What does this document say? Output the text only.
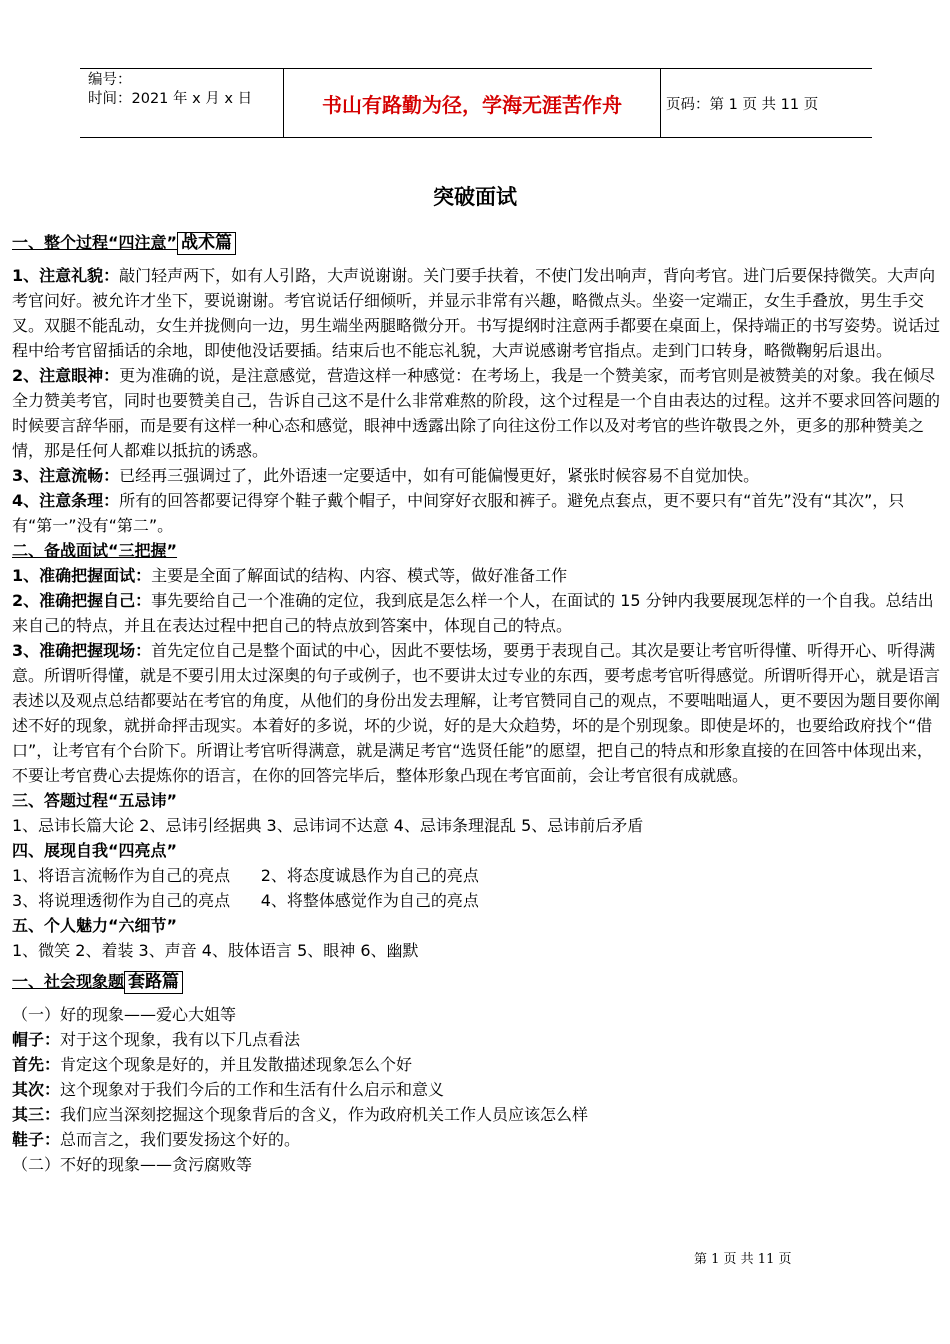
编号：
时间：2021 年 x 月 x 日	书山有路勤为径，学海无涯苦作舟	页码：第 1 页 共 11 页
突破面试

一、整个过程“四注意” 战术篇

1、注意礼貌：敲门轻声两下，如有人引路，大声说谢谢。关门要手扶着，不使门发出响声，背向考官。进门后要保持微笑。大声向考官问好。被允许才坐下，要说谢谢。考官说话仔细倾听，并显示非常有兴趣，略微点头。坐姿一定端正，女生手叠放，男生手交叉。双腿不能乱动，女生并拢侧向一边，男生端坐两腿略微分开。书写提纲时注意两手都要在桌面上，保持端正的书写姿势。说话过程中给考官留插话的余地，即使他没话要插。结束后也不能忘礼貌，大声说感谢考官指点。走到门口转身，略微鞠躬后退出。

2、注意眼神：更为准确的说，是注意感觉，营造这样一种感觉：在考场上，我是一个赞美家，而考官则是被赞美的对象。我在倾尽全力赞美考官，同时也要赞美自己，告诉自己这不是什么非常难熬的阶段，这个过程是一个自由表达的过程。这并不要求回答问题的时候要言辞华丽，而是要有这样一种心态和感觉，眼神中透露出除了向往这份工作以及对考官的些许敬畏之外，更多的那种赞美之情，那是任何人都难以抵抗的诱惑。

3、注意流畅：已经再三强调过了，此外语速一定要适中，如有可能偏慢更好，紧张时候容易不自觉加快。

4、注意条理：所有的回答都要记得穿个鞋子戴个帽子，中间穿好衣服和裤子。避免点套点，更不要只有“首先”没有“其次”，只有“第一”没有“第二”。

二、备战面试“三把握”

1、准确把握面试：主要是全面了解面试的结构、内容、模式等，做好准备工作

2、准确把握自己：事先要给自己一个准确的定位，我到底是怎么样一个人，在面试的 15 分钟内我要展现怎样的一个自我。总结出来自己的特点，并且在表达过程中把自己的特点放到答案中，体现自己的特点。

3、准确把握现场：首先定位自己是整个面试的中心，因此不要怯场，要勇于表现自己。其次是要让考官听得懂、听得开心、听得满意。所谓听得懂，就是不要引用太过深奥的句子或例子，也不要讲太过专业的东西，要考虑考官听得感觉。所谓听得开心，就是语言表述以及观点总结都要站在考官的角度，从他们的身份出发去理解，让考官赞同自己的观点，不要咄咄逼人，更不要因为题目要你阐述不好的现象，就拼命抨击现实。本着好的多说，坏的少说，好的是大众趋势，坏的是个别现象。即使是坏的，也要给政府找个“借口”，让考官有个台阶下。所谓让考官听得满意，就是满足考官“选贤任能”的愿望，把自己的特点和形象直接的在回答中体现出来，不要让考官费心去提炼你的语言，在你的回答完毕后，整体形象凸现在考官面前，会让考官很有成就感。

三、答题过程“五忌讳”

1、忌讳长篇大论 2、忌讳引经据典 3、忌讳词不达意 4、忌讳条理混乱 5、忌讳前后矛盾

四、展现自我“四亮点”

1、将语言流畅作为自己的亮点      2、将态度诚恳作为自己的亮点

3、将说理透彻作为自己的亮点      4、将整体感觉作为自己的亮点

五、个人魅力“六细节”

1、微笑 2、着装 3、声音 4、肢体语言 5、眼神 6、幽默

一、社会现象题 套路篇

（一）好的现象——爱心大姐等

帽子：对于这个现象，我有以下几点看法

首先：肯定这个现象是好的，并且发散描述现象怎么个好

其次：这个现象对于我们今后的工作和生活有什么启示和意义

其三：我们应当深刻挖掘这个现象背后的含义，作为政府机关工作人员应该怎么样

鞋子：总而言之，我们要发扬这个好的。

（二）不好的现象——贪污腐败等

第 1 页 共 11 页
